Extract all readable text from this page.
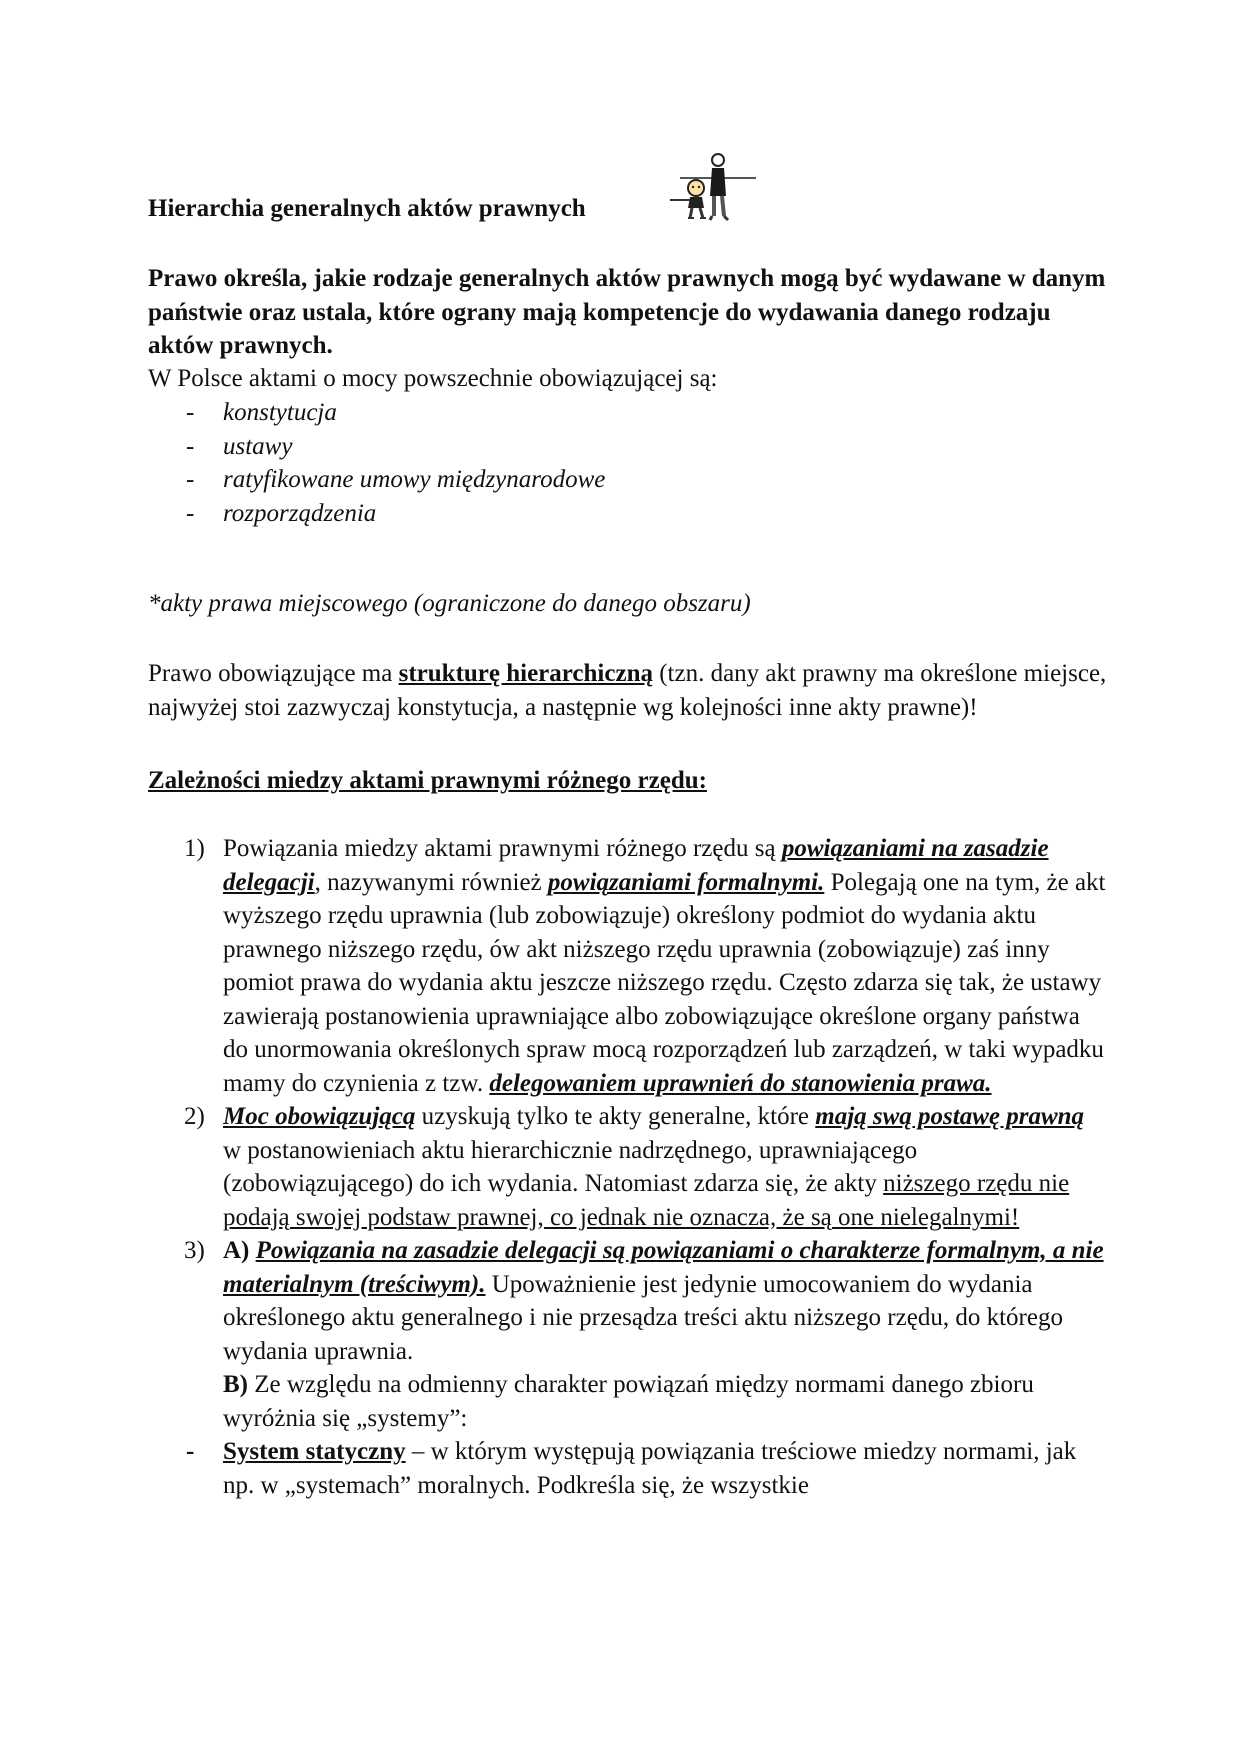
Hierarchia generalnych aktów prawnych

Prawo określa, jakie rodzaje generalnych aktów prawnych mogą być wydawane w danym państwie oraz ustala, które ograny mają kompetencje do wydawania danego rodzaju aktów prawnych.

W Polsce aktami o mocy powszechnie obowiązującej są:

- konstytucja
- ustawy
- ratyfikowane umowy międzynarodowe
- rozporządzenia

*akty prawa miejscowego (ograniczone do danego obszaru)

Prawo obowiązujące ma strukturę hierarchiczną (tzn. dany akt prawny ma określone miejsce, najwyżej stoi zazwyczaj konstytucja, a następnie wg kolejności inne akty prawne)!

Zależności miedzy aktami prawnymi różnego rzędu:
1) Powiązania miedzy aktami prawnymi różnego rzędu są powiązaniami na zasadzie delegacji, nazywanymi również powiązaniami formalnymi. Polegają one na tym, że akt wyższego rzędu uprawnia (lub zobowiązuje) określony podmiot do wydania aktu prawnego niższego rzędu, ów akt niższego rzędu uprawnia (zobowiązuje) zaś inny pomiot prawa do wydania aktu jeszcze niższego rzędu. Często zdarza się tak, że ustawy zawierają postanowienia uprawniające albo zobowiązujące określone organy państwa do unormowania określonych spraw mocą rozporządzeń lub zarządzeń, w taki wypadku mamy do czynienia z tzw. delegowaniem uprawnień do stanowienia prawa.
2) Moc obowiązującą uzyskują tylko te akty generalne, które mają swą postawę prawną w postanowieniach aktu hierarchicznie nadrzędnego, uprawniającego (zobowiązującego) do ich wydania. Natomiast zdarza się, że akty niższego rzędu nie podają swojej podstaw prawnej, co jednak nie oznacza, że są one nielegalnymi!
3) A) Powiązania na zasadzie delegacji są powiązaniami o charakterze formalnym, a nie materialnym (treściwym). Upoważnienie jest jedynie umocowaniem do wydania określonego aktu generalnego i nie przesądza treści aktu niższego rzędu, do którego wydania uprawnia.
B) Ze względu na odmienny charakter powiązań między normami danego zbioru wyróżnia się „systemy”:
- System statyczny – w którym występują powiązania treściowe miedzy normami, jak np. w „systemach” moralnych. Podkreśla się, że wszystkie
